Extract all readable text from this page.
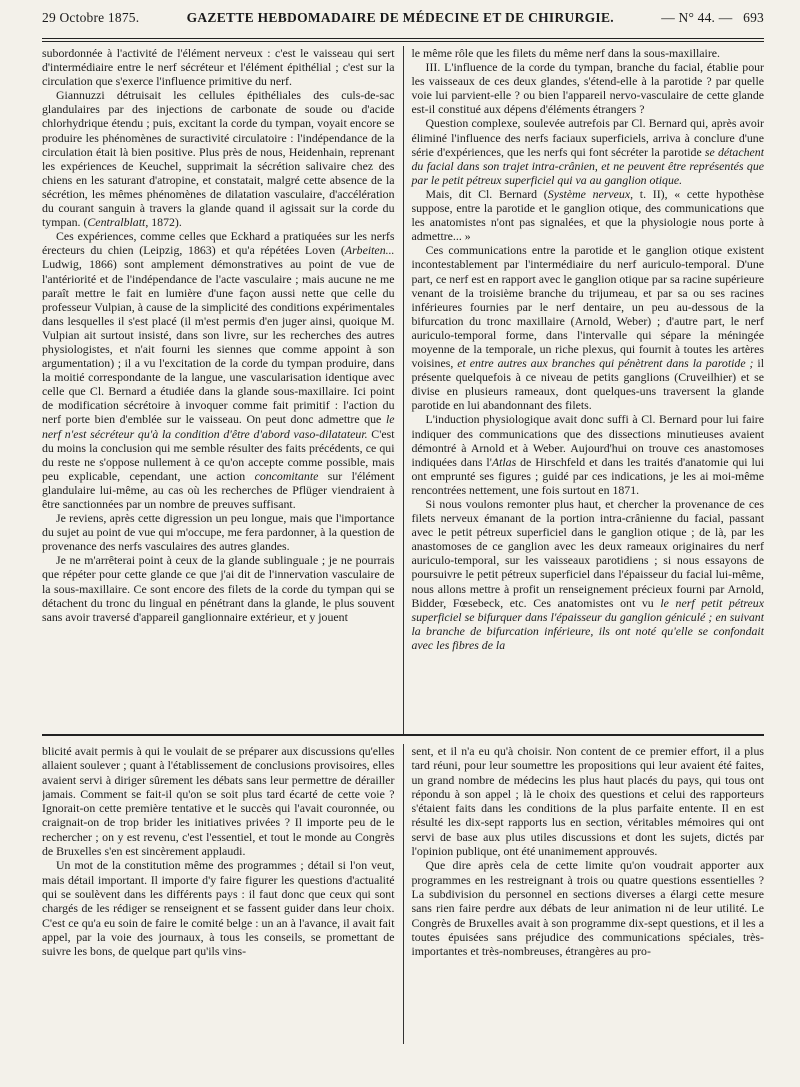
29 Octobre 1875.	GAZETTE HEBDOMADAIRE DE MÉDECINE ET DE CHIRURGIE.	— N° 44. — 693

subordonnée à l'activité de l'élément nerveux : c'est le vaisseau qui sert d'intermédiaire entre le nerf sécréteur et l'élément épithélial ; c'est sur la circulation que s'exerce l'influence primitive du nerf.

Giannuzzi détruisait les cellules épithéliales des culs-de-sac glandulaires par des injections de carbonate de soude ou d'acide chlorhydrique étendu ; puis, excitant la corde du tympan, voyait encore se produire les phénomènes de suractivité circulatoire : l'indépendance de la circulation était là bien positive. Plus près de nous, Heidenhain, reprenant les expériences de Keuchel, supprimait la sécrétion salivaire chez des chiens en les saturant d'atropine, et constatait, malgré cette absence de la sécrétion, les mêmes phénomènes de dilatation vasculaire, d'accélération du courant sanguin à travers la glande quand il agissait sur la corde du tympan. (Centralblatt, 1872).

Ces expériences, comme celles que Eckhard a pratiquées sur les nerfs érecteurs du chien (Leipzig, 1863) et qu'a répétées Loven (Arbeiten... Ludwig, 1866) sont amplement démonstratives au point de vue de l'antériorité et de l'indépendance de l'acte vasculaire ; mais aucune ne me paraît mettre le fait en lumière d'une façon aussi nette que celle du professeur Vulpian, à cause de la simplicité des conditions expérimentales dans lesquelles il s'est placé (il m'est permis d'en juger ainsi, quoique M. Vulpian ait surtout insisté, dans son livre, sur les recherches des autres physiologistes, et n'ait fourni les siennes que comme appoint à son argumentation) ; il a vu l'excitation de la corde du tympan produire, dans la moitié correspondante de la langue, une vascularisation identique avec celle que Cl. Bernard a étudiée dans la glande sous-maxillaire. Ici point de modification sécrétoire à invoquer comme fait primitif : l'action du nerf porte bien d'emblée sur le vaisseau. On peut donc admettre que le nerf n'est sécréteur qu'à la condition d'être d'abord vaso-dilatateur. C'est du moins la conclusion qui me semble résulter des faits précédents, ce qui du reste ne s'oppose nullement à ce qu'on accepte comme possible, mais peu explicable, cependant, une action concomitante sur l'élément glandulaire lui-même, au cas où les recherches de Pflüger viendraient à être sanctionnées par un nombre de preuves suffisant.

Je reviens, après cette digression un peu longue, mais que l'importance du sujet au point de vue qui m'occupe, me fera pardonner, à la question de provenance des nerfs vasculaires des autres glandes.

Je ne m'arrêterai point à ceux de la glande sublinguale ; je ne pourrais que répéter pour cette glande ce que j'ai dit de l'innervation vasculaire de la sous-maxillaire. Ce sont encore des filets de la corde du tympan qui se détachent du tronc du lingual en pénétrant dans la glande, le plus souvent sans avoir traversé d'appareil ganglionnaire extérieur, et y jouent

le même rôle que les filets du même nerf dans la sous-maxillaire.

III. L'influence de la corde du tympan, branche du facial, établie pour les vaisseaux de ces deux glandes, s'étend-elle à la parotide ? par quelle voie lui parvient-elle ? ou bien l'appareil nervo-vasculaire de cette glande est-il constitué aux dépens d'éléments étrangers ?

Question complexe, soulevée autrefois par Cl. Bernard qui, après avoir éliminé l'influence des nerfs faciaux superficiels, arriva à conclure d'une série d'expériences, que les nerfs qui font sécréter la parotide se détachent du facial dans son trajet intra-crânien, et ne peuvent être représentés que par le petit pétreux superficiel qui va au ganglion otique.

Mais, dit Cl. Bernard (Système nerveux, t. II), « cette hypothèse suppose, entre la parotide et le ganglion otique, des communications que les anatomistes n'ont pas signalées, et que la physiologie nous porte à admettre... »

Ces communications entre la parotide et le ganglion otique existent incontestablement par l'intermédiaire du nerf auriculo-temporal. D'une part, ce nerf est en rapport avec le ganglion otique par sa racine supérieure venant de la troisième branche du trijumeau, et par sa ou ses racines inférieures fournies par le nerf dentaire, un peu au-dessous de la bifurcation du tronc maxillaire (Arnold, Weber) ; d'autre part, le nerf auriculo-temporal forme, dans l'intervalle qui sépare la méningée moyenne de la temporale, un riche plexus, qui fournit à toutes les artères voisines, et entre autres aux branches qui pénètrent dans la parotide ; il présente quelquefois à ce niveau de petits ganglions (Cruveilhier) et se divise en plusieurs rameaux, dont quelques-uns traversent la glande parotide en lui abandonnant des filets.

L'induction physiologique avait donc suffi à Cl. Bernard pour lui faire indiquer des communications que des dissections minutieuses avaient démontré à Arnold et à Weber. Aujourd'hui on trouve ces anastomoses indiquées dans l'Atlas de Hirschfeld et dans les traités d'anatomie qui lui ont emprunté ses figures ; guidé par ces indications, je les ai moi-même rencontrées nettement, une fois surtout en 1871.

Si nous voulons remonter plus haut, et chercher la provenance de ces filets nerveux émanant de la portion intra-crânienne du facial, passant avec le petit pétreux superficiel dans le ganglion otique ; de là, par les anastomoses de ce ganglion avec les deux rameaux originaires du nerf auriculo-temporal, sur les vaisseaux parotidiens ; si nous essayons de poursuivre le petit pétreux superficiel dans l'épaisseur du facial lui-même, nous allons mettre à profit un renseignement précieux fourni par Arnold, Bidder, Fœsebeck, etc. Ces anatomistes ont vu le nerf petit pétreux superficiel se bifurquer dans l'épaisseur du ganglion géniculé ; en suivant la branche de bifurcation inférieure, ils ont noté qu'elle se confondait avec les fibres de la

blicité avait permis à qui le voulait de se préparer aux discussions qu'elles allaient soulever ; quant à l'établissement de conclusions provisoires, elles avaient servi à diriger sûrement les débats sans leur permettre de dérailler jamais. Comment se fait-il qu'on se soit plus tard écarté de cette voie ? Ignorait-on cette première tentative et le succès qui l'avait couronnée, ou craignait-on de trop brider les initiatives privées ? Il importe peu de le rechercher ; on y est revenu, c'est l'essentiel, et tout le monde au Congrès de Bruxelles s'en est sincèrement applaudi.

Un mot de la constitution même des programmes ; détail si l'on veut, mais détail important. Il importe d'y faire figurer les questions d'actualité qui se soulèvent dans les différents pays : il faut donc que ceux qui sont chargés de les rédiger se renseignent et se fassent guider dans leur choix. C'est ce qu'a eu soin de faire le comité belge : un an à l'avance, il avait fait appel, par la voie des journaux, à tous les conseils, se promettant de suivre les bons, de quelque part qu'ils vins-

sent, et il n'a eu qu'à choisir. Non content de ce premier effort, il a plus tard réuni, pour leur soumettre les propositions qui leur avaient été faites, un grand nombre de médecins les plus haut placés du pays, qui tous ont répondu à son appel ; là le choix des questions et celui des rapporteurs s'étaient faits dans les conditions de la plus parfaite entente. Il en est résulté les dix-sept rapports lus en section, véritables mémoires qui ont servi de base aux plus utiles discussions et dont les sujets, dictés par l'opinion publique, ont été unanimement approuvés.

Que dire après cela de cette limite qu'on voudrait apporter aux programmes en les restreignant à trois ou quatre questions essentielles ? La subdivision du personnel en sections diverses a élargi cette mesure sans rien faire perdre aux débats de leur animation ni de leur utilité. Le Congrès de Bruxelles avait à son programme dix-sept questions, et il les a toutes épuisées sans préjudice des communications spéciales, très-importantes et très-nombreuses, étrangères au pro-
